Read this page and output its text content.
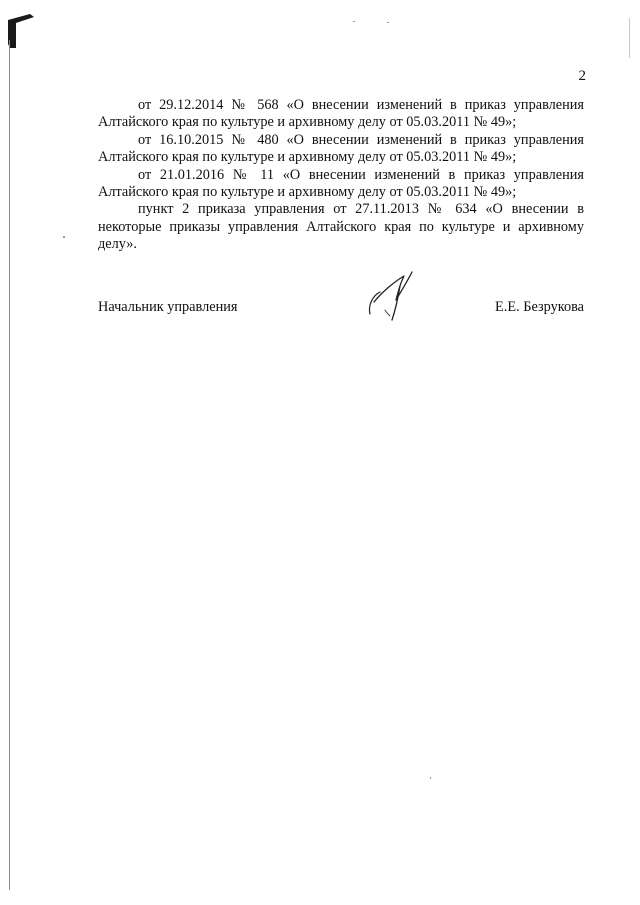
2

от 29.12.2014 № 568 «О внесении изменений в приказ управления Алтайского края по культуре и архивному делу от 05.03.2011 № 49»;

от 16.10.2015 № 480 «О внесении изменений в приказ управления Алтайского края по культуре и архивному делу от 05.03.2011 № 49»;

от 21.01.2016 № 11 «О внесении изменений в приказ управления Алтайского края по культуре и архивному делу от 05.03.2011 № 49»;

пункт 2 приказа управления от 27.11.2013 № 634 «О внесении в некоторые приказы управления Алтайского края по культуре и архивному делу».

Начальник управления	Е.Е. Безрукова
